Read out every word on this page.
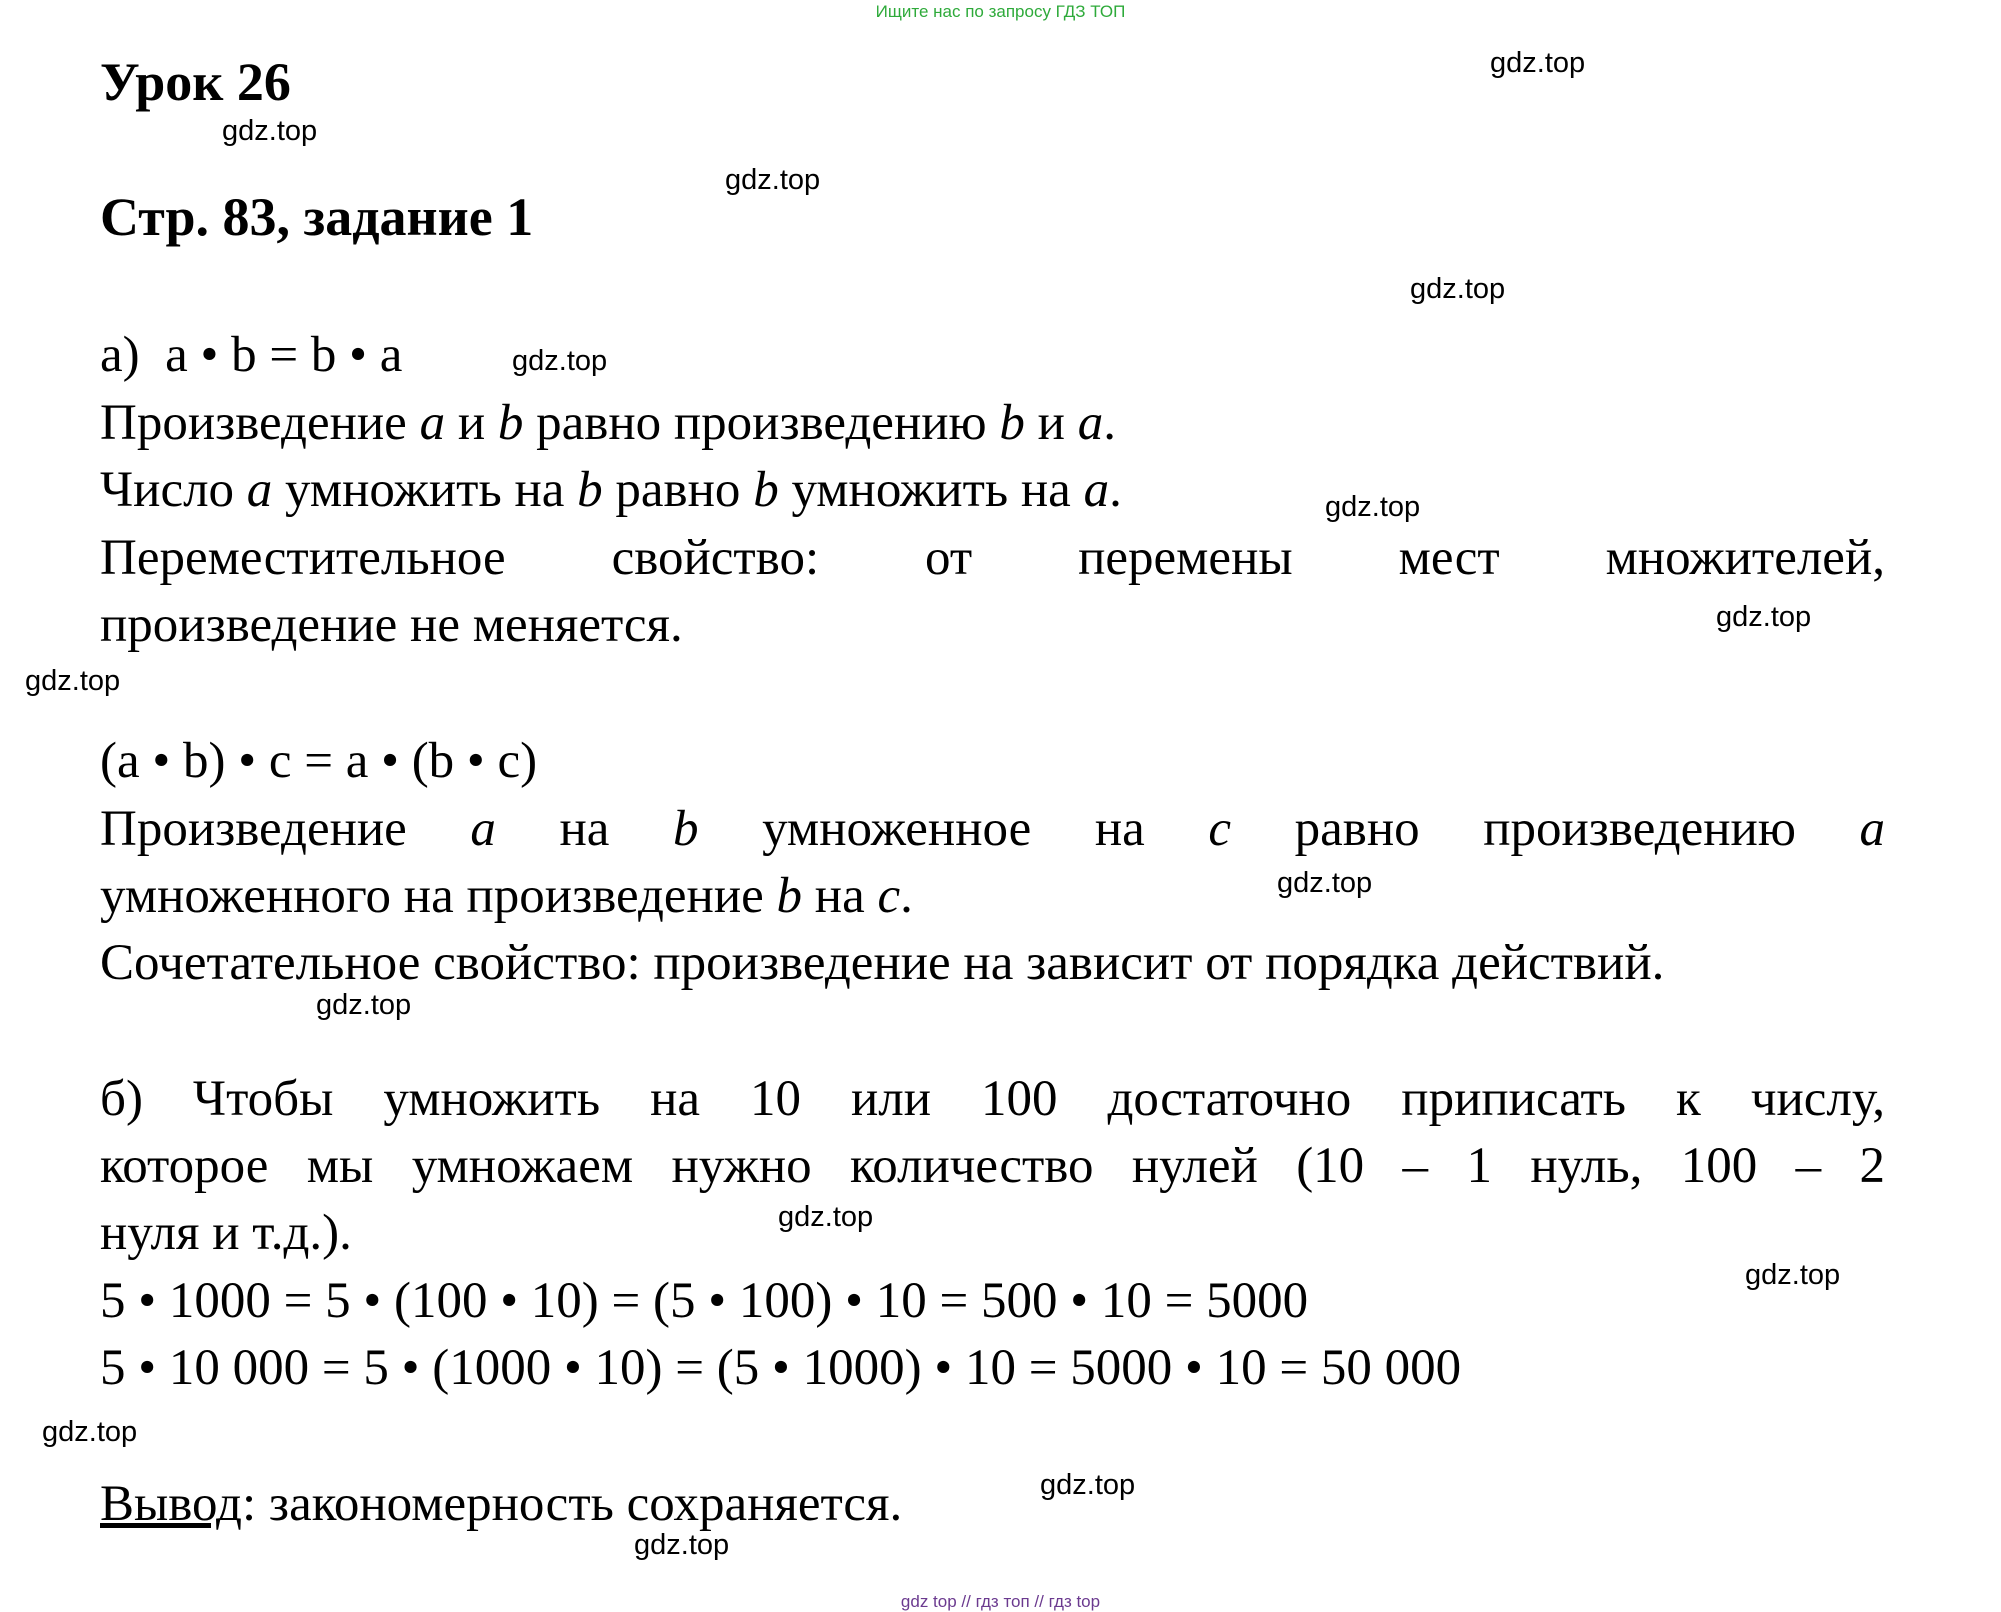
Ищите нас по запросу ГДЗ ТОП
Урок 26
Стр. 83, задание 1
а) a • b = b • a
Произведение a и b равно произведению b и a.
Число a умножить на b равно b умножить на a.
Переместительное свойство: от перемены мест множителей,
произведение не меняется.
(a • b) • c = a • (b • c)
Произведение a на b умноженное на c равно произведению a
умноженного на произведение b на c.
Сочетательное свойство: произведение на зависит от порядка действий.
б) Чтобы умножить на 10 или 100 достаточно приписать к числу,
которое мы умножаем нужно количество нулей (10 – 1 нуль, 100 – 2
нуля и т.д.).
5 • 1000 = 5 • (100 • 10) = (5 • 100) • 10 = 500 • 10 = 5000
5 • 10 000 = 5 • (1000 • 10) = (5 • 1000) • 10 = 5000 • 10 = 50 000
Вывод: закономерность сохраняется.
gdz.top
gdz.top
gdz.top
gdz.top
gdz.top
gdz.top
gdz.top
gdz.top
gdz.top
gdz.top
gdz.top
gdz.top
gdz.top
gdz.top
gdz.top
gdz top // гдз топ // гдз top
